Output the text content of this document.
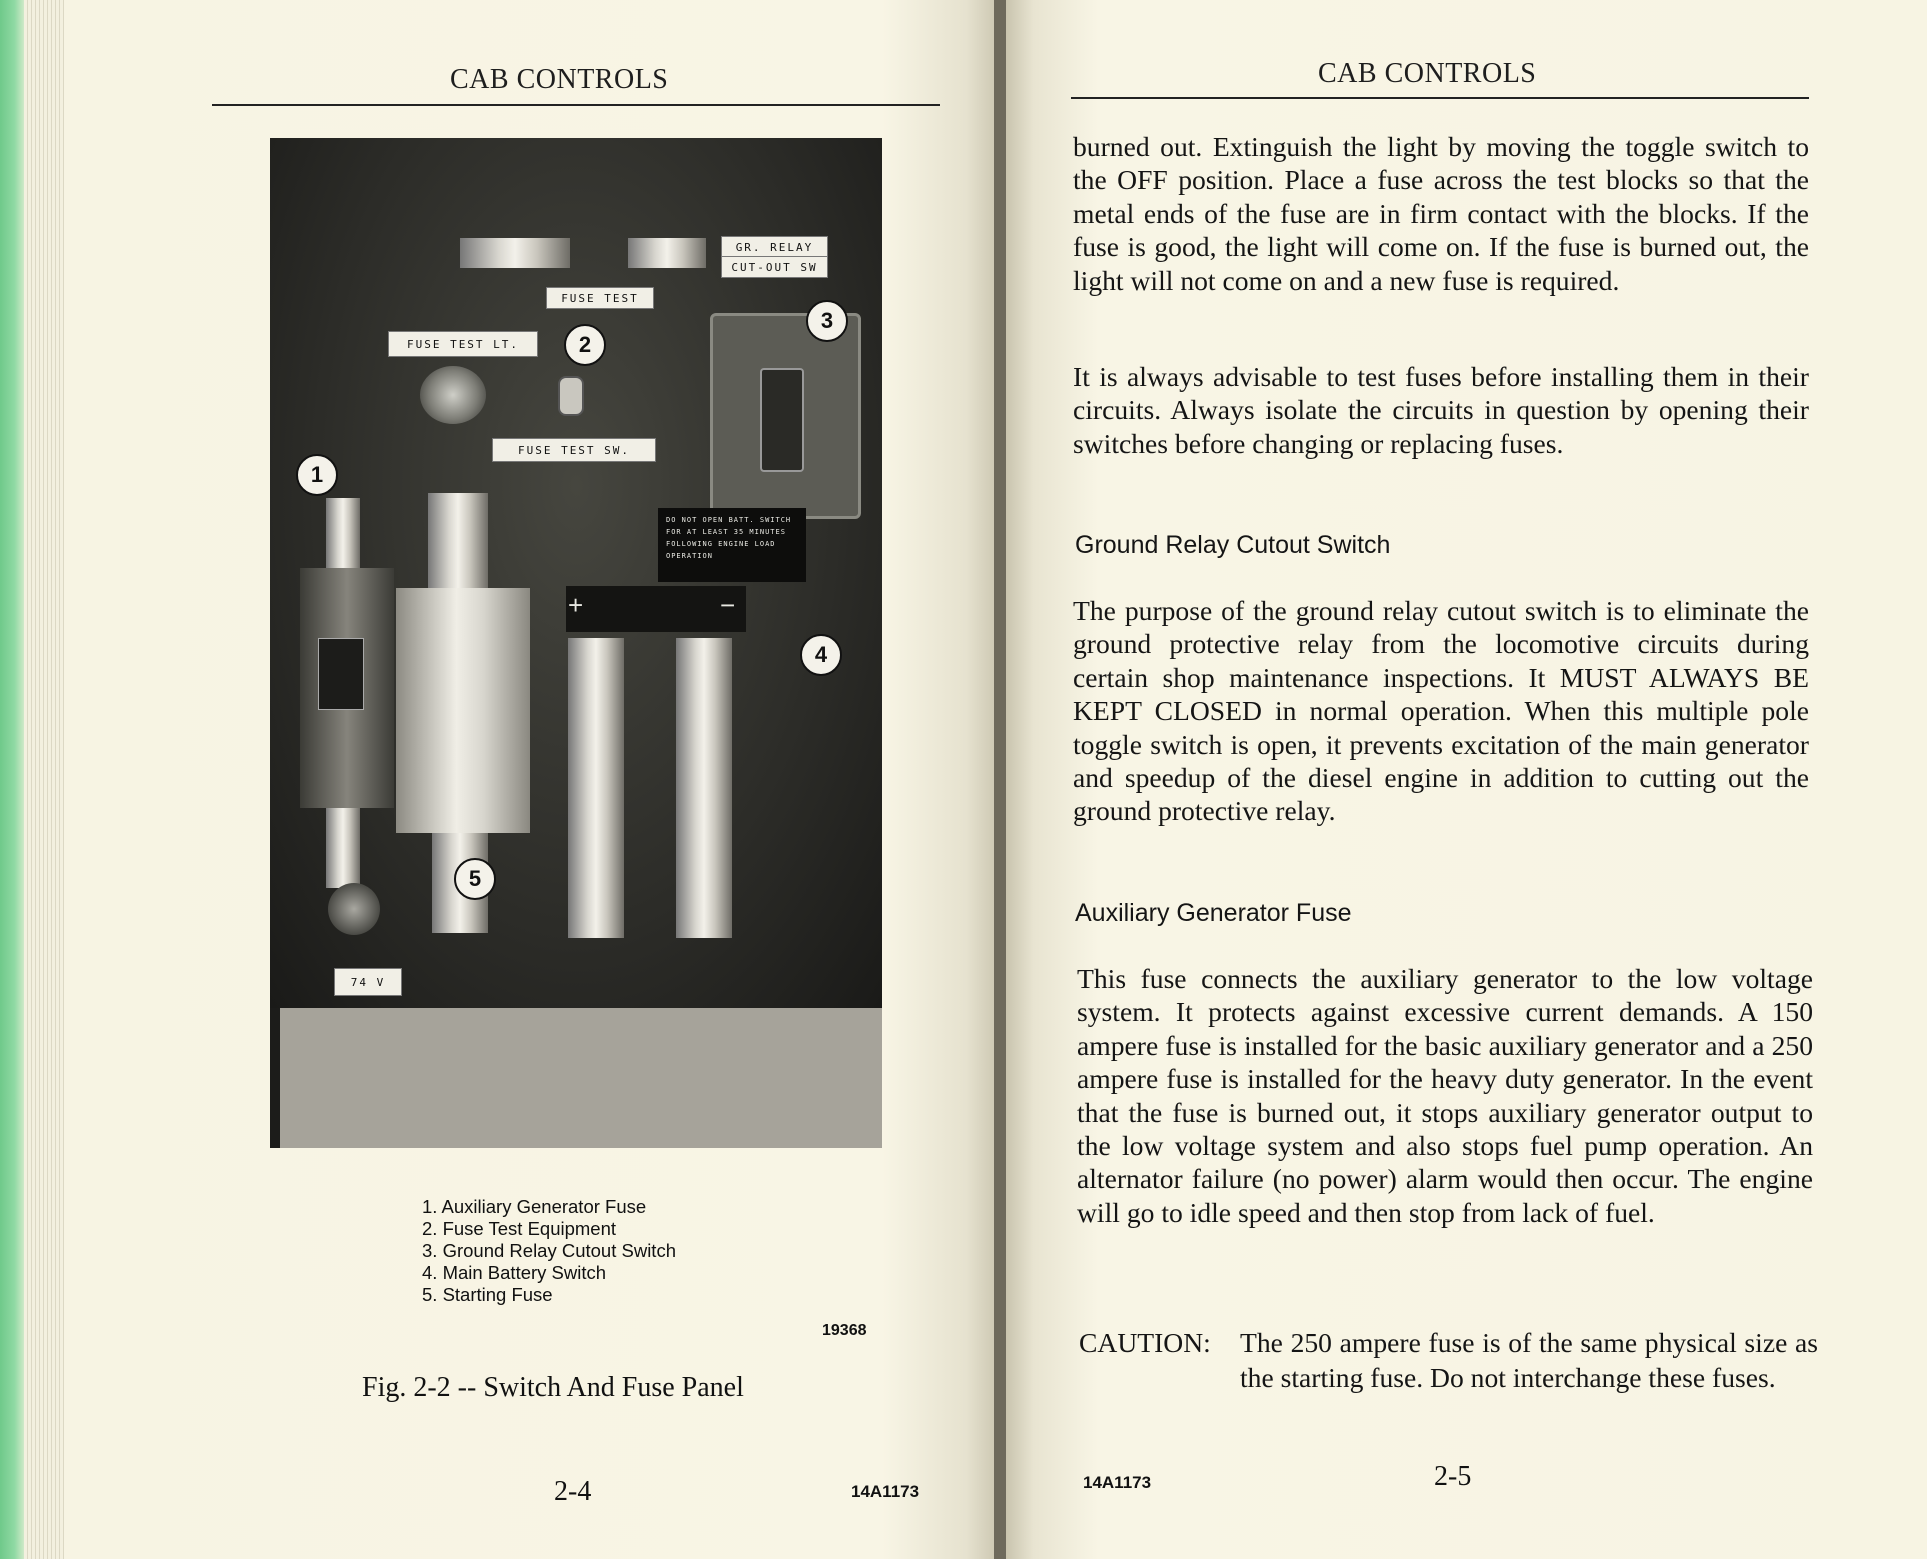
CAB CONTROLS
GR. RELAY
CUT-OUT SW
FUSE TEST
FUSE TEST LT.
FUSE TEST SW.
74 V
+	−
DO NOT OPEN BATT. SWITCH
FOR AT LEAST 35 MINUTES
FOLLOWING ENGINE LOAD
OPERATION
1
2
3
4
5
1. Auxiliary Generator Fuse
2. Fuse Test Equipment
3. Ground Relay Cutout Switch
4. Main Battery Switch
5. Starting Fuse
19368
Fig. 2-2 -- Switch And Fuse Panel
2-4	14A1173
CAB CONTROLS

burned out. Extinguish the light by moving the toggle switch to the OFF position. Place a fuse across the test blocks so that the metal ends of the fuse are in firm contact with the blocks. If the fuse is good, the light will come on. If the fuse is burned out, the light will not come on and a new fuse is required.

It is always advisable to test fuses before installing them in their circuits. Always isolate the circuits in question by opening their switches before changing or replacing fuses.

Ground Relay Cutout Switch

The purpose of the ground relay cutout switch is to eliminate the ground protective relay from the locomotive circuits during certain shop maintenance inspections. It MUST ALWAYS BE KEPT CLOSED in normal operation. When this multiple pole toggle switch is open, it prevents excitation of the main generator and speedup of the diesel engine in addition to cutting out the ground protective relay.

Auxiliary Generator Fuse

This fuse connects the auxiliary generator to the low voltage system. It protects against excessive current demands. A 150 ampere fuse is installed for the basic auxiliary generator and a 250 ampere fuse is installed for the heavy duty generator. In the event that the fuse is burned out, it stops auxiliary generator output to the low voltage system and also stops fuel pump operation. An alternator failure (no power) alarm would then occur. The engine will go to idle speed and then stop from lack of fuel.

CAUTION: The 250 ampere fuse is of the same physical size as the starting fuse. Do not interchange these fuses.
14A1173	2-5
